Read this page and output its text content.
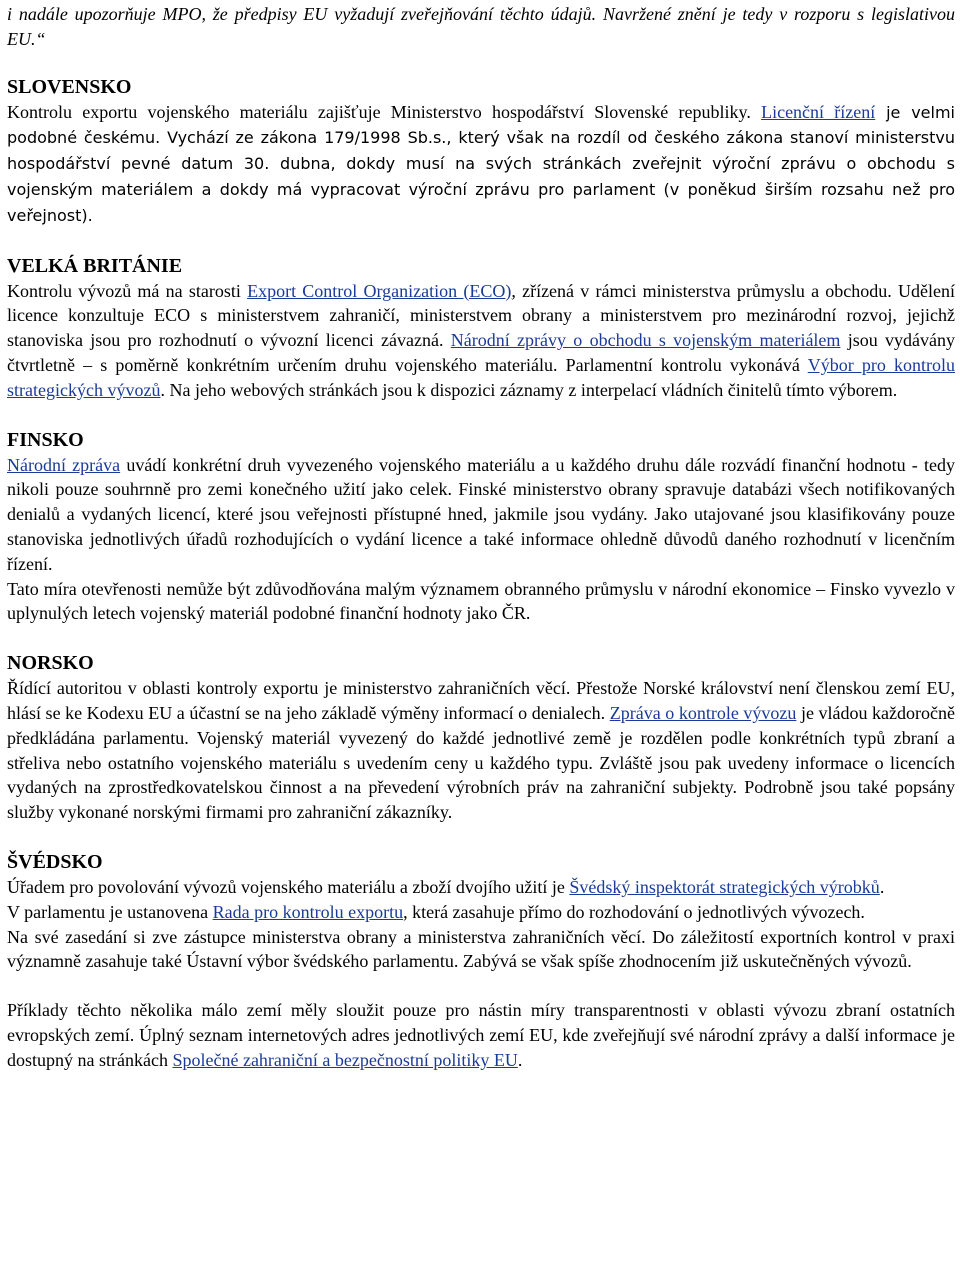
i nadále upozorňuje MPO, že předpisy EU vyžadují zveřejňování těchto údajů. Navržené znění je tedy v rozporu s legislativou EU.“

SLOVENSKO

Kontrolu exportu vojenského materiálu zajišťuje Ministerstvo hospodářství Slovenské republiky. Licenční řízení je velmi podobné českému. Vychází ze zákona 179/1998 Sb.s., který však na rozdíl od českého zákona stanoví ministerstvu hospodářství pevné datum 30. dubna, dokdy musí na svých stránkách zveřejnit výroční zprávu o obchodu s vojenským materiálem a dokdy má vypracovat výroční zprávu pro parlament (v poněkud širším rozsahu než pro veřejnost).

VELKÁ BRITÁNIE

Kontrolu vývozů má na starosti Export Control Organization (ECO), zřízená v rámci ministerstva průmyslu a obchodu. Udělení licence konzultuje ECO s ministerstvem zahraničí, ministerstvem obrany a ministerstvem pro mezinárodní rozvoj, jejichž stanoviska jsou pro rozhodnutí o vývozní licenci závazná. Národní zprávy o obchodu s vojenským materiálem jsou vydávány čtvrtletně – s poměrně konkrétním určením druhu vojenského materiálu. Parlamentní kontrolu vykonává Výbor pro kontrolu strategických vývozů. Na jeho webových stránkách jsou k dispozici záznamy z interpelací vládních činitelů tímto výborem.

FINSKO

Národní zpráva uvádí konkrétní druh vyvezeného vojenského materiálu a u každého druhu dále rozvádí finanční hodnotu - tedy nikoli pouze souhrnně pro zemi konečného užití jako celek. Finské ministerstvo obrany spravuje databázi všech notifikovaných denialů a vydaných licencí, které jsou veřejnosti přístupné hned, jakmile jsou vydány. Jako utajované jsou klasifikovány pouze stanoviska jednotlivých úřadů rozhodujících o vydání licence a také informace ohledně důvodů daného rozhodnutí v licenčním řízení.

Tato míra otevřenosti nemůže být zdůvodňována malým významem obranného průmyslu v národní ekonomice – Finsko vyvezlo v uplynulých letech vojenský materiál podobné finanční hodnoty jako ČR.

NORSKO

Řídící autoritou v oblasti kontroly exportu je ministerstvo zahraničních věcí. Přestože Norské království není členskou zemí EU, hlásí se ke Kodexu EU a účastní se na jeho základě výměny informací o denialech. Zpráva o kontrole vývozu je vládou každoročně předkládána parlamentu. Vojenský materiál vyvezený do každé jednotlivé země je rozdělen podle konkrétních typů zbraní a střeliva nebo ostatního vojenského materiálu s uvedením ceny u každého typu. Zvláště jsou pak uvedeny informace o licencích vydaných na zprostředkovatelskou činnost a na převedení výrobních práv na zahraniční subjekty. Podrobně jsou také popsány služby vykonané norskými firmami pro zahraniční zákazníky.

ŠVÉDSKO

Úřadem pro povolování vývozů vojenského materiálu a zboží dvojího užití je Švédský inspektorát strategických výrobků.

V parlamentu je ustanovena Rada pro kontrolu exportu, která zasahuje přímo do rozhodování o jednotlivých vývozech.

Na své zasedání si zve zástupce ministerstva obrany a ministerstva zahraničních věcí. Do záležitostí exportních kontrol v praxi významně zasahuje také Ústavní výbor švédského parlamentu. Zabývá se však spíše zhodnocením již uskutečněných vývozů.

Příklady těchto několika málo zemí měly sloužit pouze pro nástin míry transparentnosti v oblasti vývozu zbraní ostatních evropských zemí. Úplný seznam internetových adres jednotlivých zemí EU, kde zveřejňují své národní zprávy a další informace je dostupný na stránkách Společné zahraniční a bezpečnostní politiky EU.
